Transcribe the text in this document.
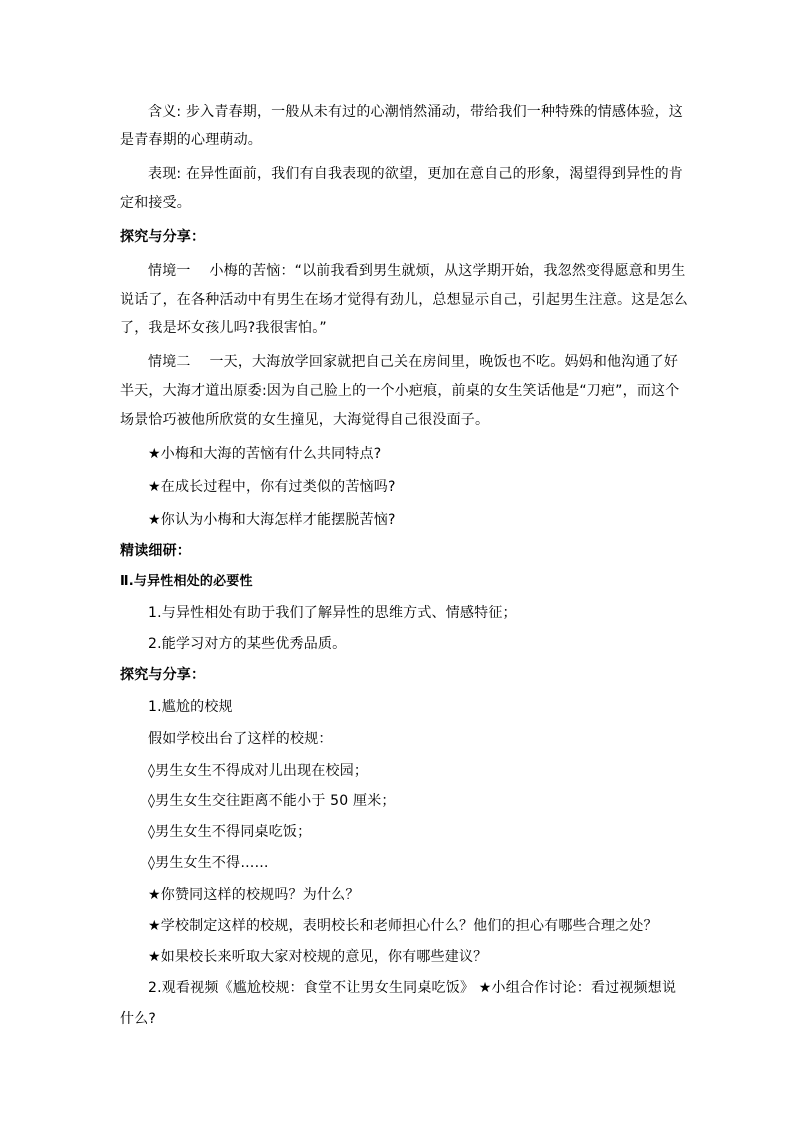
含义: 步入青春期，一般从未有过的心潮悄然涌动，带给我们一种特殊的情感体验，这
是青春期的心理萌动。
表现: 在异性面前，我们有自我表现的欲望，更加在意自己的形象，渴望得到异性的肯
定和接受。
探究与分享：
情境一　 小梅的苦恼：“以前我看到男生就烦，从这学期开始，我忽然变得愿意和男生
说话了，在各种活动中有男生在场才觉得有劲儿，总想显示自己，引起男生注意。这是怎么
了，我是坏女孩儿吗?我很害怕。”
情境二　 一天，大海放学回家就把自己关在房间里，晚饭也不吃。妈妈和他沟通了好
半天，大海才道出原委:因为自己脸上的一个小疤痕，前桌的女生笑话他是“刀疤”，而这个
场景恰巧被他所欣赏的女生撞见，大海觉得自己很没面子。
★小梅和大海的苦恼有什么共同特点?
★在成长过程中，你有过类似的苦恼吗?
★你认为小梅和大海怎样才能摆脱苦恼?
精读细研：
Ⅱ.与异性相处的必要性
1.与异性相处有助于我们了解异性的思维方式、情感特征；
2.能学习对方的某些优秀品质。
探究与分享：
1.尴尬的校规
假如学校出台了这样的校规：
◊男生女生不得成对儿出现在校园；
◊男生女生交往距离不能小于 50 厘米；
◊男生女生不得同桌吃饭；
◊男生女生不得……
★你赞同这样的校规吗？为什么？
★学校制定这样的校规，表明校长和老师担心什么？他们的担心有哪些合理之处？
★如果校长来听取大家对校规的意见，你有哪些建议？
2.观看视频《尴尬校规：食堂不让男女生同桌吃饭》 ★小组合作讨论：看过视频想说
什么?
